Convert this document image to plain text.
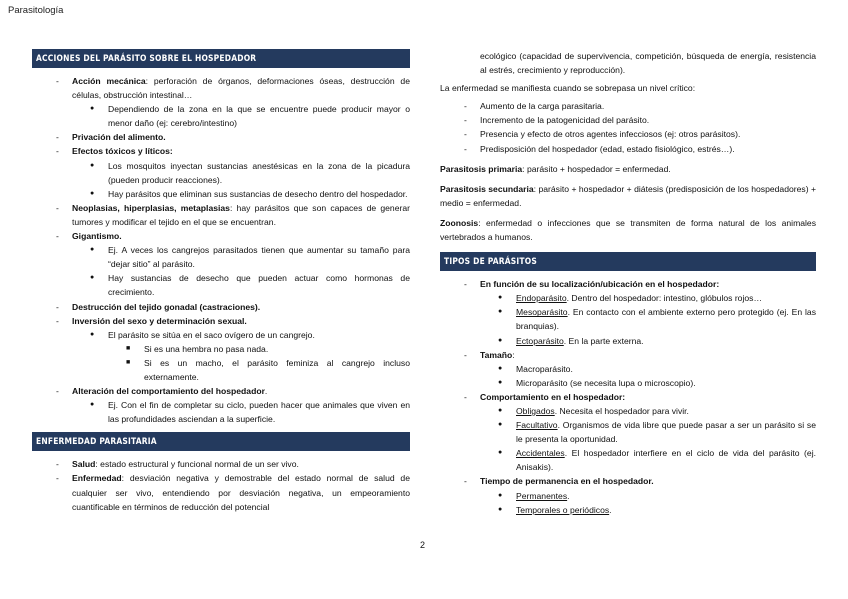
Parasitología
ACCIONES DEL PARÁSITO SOBRE EL HOSPEDADOR
- Acción mecánica: perforación de órganos, deformaciones óseas, destrucción de células, obstrucción intestinal…
● Dependiendo de la zona en la que se encuentre puede producir mayor o menor daño (ej: cerebro/intestino)
- Privación del alimento.
- Efectos tóxicos y líticos:
● Los mosquitos inyectan sustancias anestésicas en la zona de la picadura (pueden producir reacciones).
● Hay parásitos que eliminan sus sustancias de desecho dentro del hospedador.
- Neoplasias, hiperplasias, metaplasias: hay parásitos que son capaces de generar tumores y modificar el tejido en el que se encuentran.
- Gigantismo.
● Ej. A veces los cangrejos parasitados tienen que aumentar su tamaño para “dejar sitio” al parásito.
● Hay sustancias de desecho que pueden actuar como hormonas de crecimiento.
- Destrucción del tejido gonadal (castraciones).
- Inversión del sexo y determinación sexual.
● El parásito se sitúa en el saco ovígero de un cangrejo.
■ Si es una hembra no pasa nada.
■ Si es un macho, el parásito feminiza al cangrejo incluso externamente.
- Alteración del comportamiento del hospedador.
● Ej. Con el fin de completar su ciclo, pueden hacer que animales que viven en las profundidades asciendan a la superficie.
ENFERMEDAD PARASITARIA
- Salud: estado estructural y funcional normal de un ser vivo.
- Enfermedad: desviación negativa y demostrable del estado normal de salud de cualquier ser vivo, entendiendo por desviación negativa, un empeoramiento cuantificable en términos de reducción del potencial

ecológico (capacidad de supervivencia, competición, búsqueda de energía, resistencia al estrés, crecimiento y reproducción).

La enfermedad se manifiesta cuando se sobrepasa un nivel crítico:

- Aumento de la carga parasitaria.
- Incremento de la patogenicidad del parásito.
- Presencia y efecto de otros agentes infecciosos (ej: otros parásitos).
- Predisposición del hospedador (edad, estado fisiológico, estrés…).

Parasitosis primaria: parásito + hospedador = enfermedad.

Parasitosis secundaria: parásito + hospedador + diátesis (predisposición de los hospedadores) + medio = enfermedad.

Zoonosis: enfermedad o infecciones que se transmiten de forma natural de los animales vertebrados a humanos.

TIPOS DE PARÁSITOS
- En función de su localización/ubicación en el hospedador:
● Endoparásito. Dentro del hospedador: intestino, glóbulos rojos…
● Mesoparásito. En contacto con el ambiente externo pero protegido (ej. En las branquias).
● Ectoparásito. En la parte externa.
- Tamaño:
● Macroparásito.
● Microparásito (se necesita lupa o microscopio).
- Comportamiento en el hospedador:
● Obligados. Necesita el hospedador para vivir.
● Facultativo. Organismos de vida libre que puede pasar a ser un parásito si se le presenta la oportunidad.
● Accidentales. El hospedador interfiere en el ciclo de vida del parásito (ej. Anisakis).
- Tiempo de permanencia en el hospedador.
● Permanentes.
● Temporales o periódicos.
2
